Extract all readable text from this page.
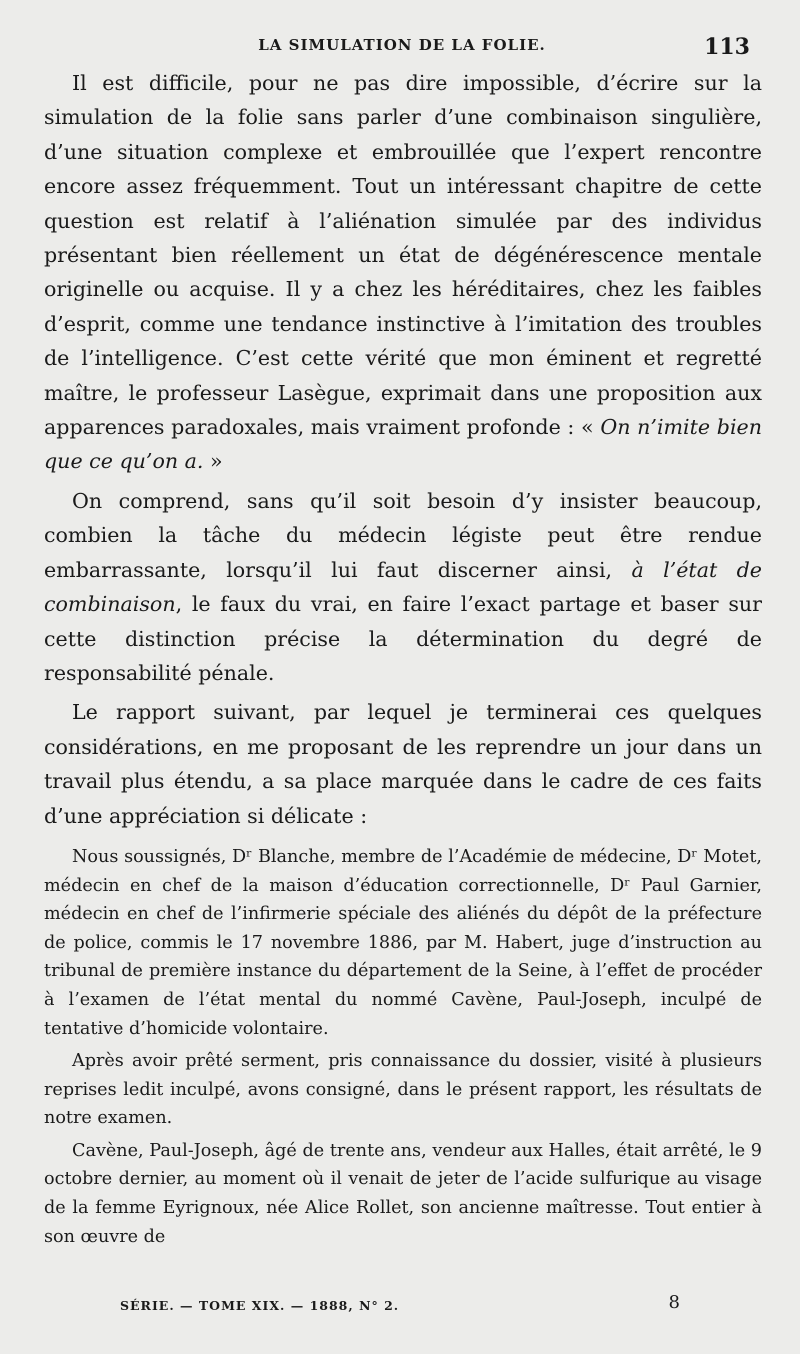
LA SIMULATION DE LA FOLIE.	113

Il est difficile, pour ne pas dire impossible, d’écrire sur la simulation de la folie sans parler d’une combinaison singulière, d’une situation complexe et embrouillée que l’expert rencontre encore assez fréquemment. Tout un intéressant chapitre de cette question est relatif à l’aliénation simulée par des individus présentant bien réellement un état de dégénérescence mentale originelle ou acquise. Il y a chez les héréditaires, chez les faibles d’esprit, comme une tendance instinctive à l’imitation des troubles de l’intelligence. C’est cette vérité que mon éminent et regretté maître, le professeur Lasègue, exprimait dans une proposition aux apparences paradoxales, mais vraiment profonde : « On n’imite bien que ce qu’on a. »

On comprend, sans qu’il soit besoin d’y insister beaucoup, combien la tâche du médecin légiste peut être rendue embarrassante, lorsqu’il lui faut discerner ainsi, à l’état de combinaison, le faux du vrai, en faire l’exact partage et baser sur cette distinction précise la détermination du degré de responsabilité pénale.

Le rapport suivant, par lequel je terminerai ces quelques considérations, en me proposant de les reprendre un jour dans un travail plus étendu, a sa place marquée dans le cadre de ces faits d’une appréciation si délicate :

Nous soussignés, Dʳ Blanche, membre de l’Académie de médecine, Dʳ Motet, médecin en chef de la maison d’éducation correctionnelle, Dʳ Paul Garnier, médecin en chef de l’infirmerie spéciale des aliénés du dépôt de la préfecture de police, commis le 17 novembre 1886, par M. Habert, juge d’instruction au tribunal de première instance du département de la Seine, à l’effet de procéder à l’examen de l’état mental du nommé Cavène, Paul-Joseph, inculpé de tentative d’homicide volontaire.

Après avoir prêté serment, pris connaissance du dossier, visité à plusieurs reprises ledit inculpé, avons consigné, dans le présent rapport, les résultats de notre examen.

Cavène, Paul-Joseph, âgé de trente ans, vendeur aux Halles, était arrêté, le 9 octobre dernier, au moment où il venait de jeter de l’acide sulfurique au visage de la femme Eyrignoux, née Alice Rollet, son ancienne maîtresse. Tout entier à son œuvre de

SÉRIE. — TOME XIX. — 1888, N° 2.	8
